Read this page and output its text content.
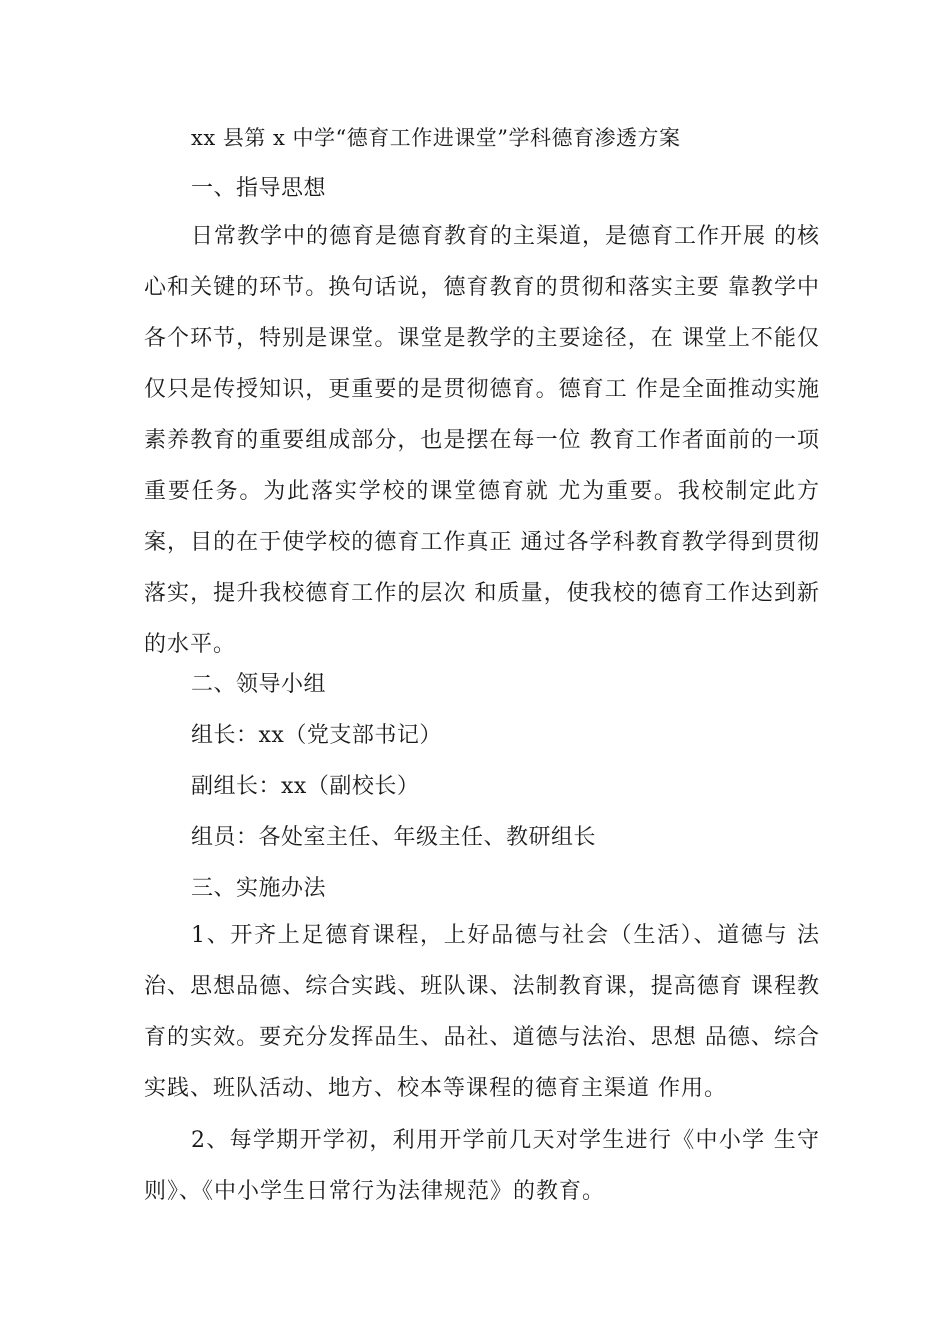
xx 县第 x 中学“德育工作进课堂”学科德育渗透方案
一、指导思想
日常教学中的德育是德育教育的主渠道，是德育工作开展 的核心和关键的环节。换句话说，德育教育的贯彻和落实主要 靠教学中各个环节，特别是课堂。课堂是教学的主要途径，在 课堂上不能仅仅只是传授知识，更重要的是贯彻德育。德育工 作是全面推动实施素养教育的重要组成部分，也是摆在每一位 教育工作者面前的一项重要任务。为此落实学校的课堂德育就 尤为重要。我校制定此方案，目的在于使学校的德育工作真正 通过各学科教育教学得到贯彻落实，提升我校德育工作的层次 和质量，使我校的德育工作达到新的水平。
二、领导小组
组长：xx（党支部书记）
副组长：xx（副校长）
组员：各处室主任、年级主任、教研组长
三、实施办法
1、开齐上足德育课程，上好品德与社会（生活）、道德与 法治、思想品德、综合实践、班队课、法制教育课，提高德育 课程教育的实效。要充分发挥品生、品社、道德与法治、思想 品德、综合实践、班队活动、地方、校本等课程的德育主渠道 作用。
2、每学期开学初，利用开学前几天对学生进行《中小学 生守则》、《中小学生日常行为法律规范》的教育。
